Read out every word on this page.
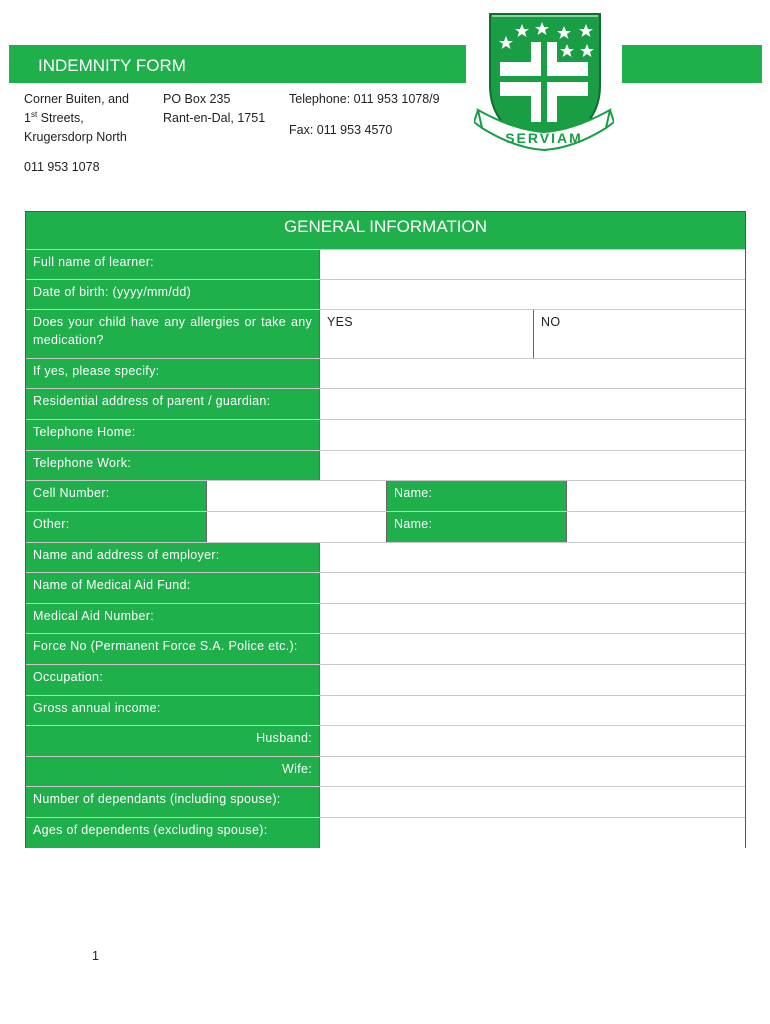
INDEMNITY FORM
Corner Buiten, and
1st Streets,
Krugersdorp North
011 953 1078
PO Box 235
Rant-en-Dal, 1751
Telephone: 011 953 1078/9
Fax: 011 953 4570	SERVIAM
GENERAL INFORMATION
Full name of learner:
Date of birth: (yyyy/mm/dd)
Does your child have any allergies or take any medication?
YES	NO
If yes, please specify:
Residential address of parent / guardian:
Telephone Home:
Telephone Work:
Cell Number:	Name:
Other:	Name:
Name and address of employer:
Name of Medical Aid Fund:
Medical Aid Number:
Force No (Permanent Force S.A. Police etc.):
Occupation:
Gross annual income:
Husband:
Wife:
Number of dependants (including spouse):
Ages of dependents (excluding spouse):
1
